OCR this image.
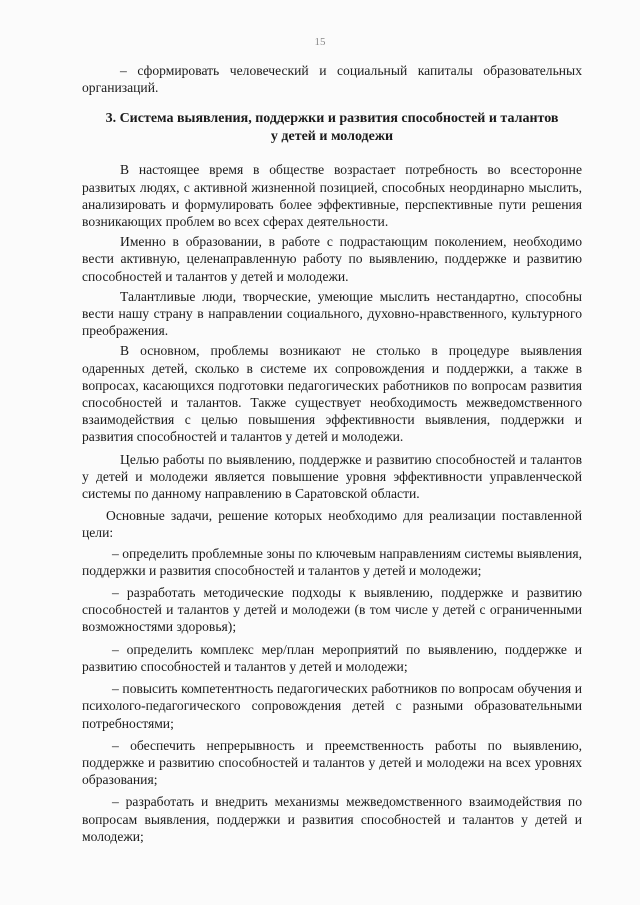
15

– сформировать человеческий и социальный капиталы образовательных организаций.

3. Система выявления, поддержки и развития способностей и талантов у детей и молодежи

В настоящее время в обществе возрастает потребность во всесторонне развитых людях, с активной жизненной позицией, способных неординарно мыслить, анализировать и формулировать более эффективные, перспективные пути решения возникающих проблем во всех сферах деятельности.

Именно в образовании, в работе с подрастающим поколением, необходимо вести активную, целенаправленную работу по выявлению, поддержке и развитию способностей и талантов у детей и молодежи.

Талантливые люди, творческие, умеющие мыслить нестандартно, способны вести нашу страну в направлении социального, духовно-нравственного, культурного преображения.

В основном, проблемы возникают не столько в процедуре выявления одаренных детей, сколько в системе их сопровождения и поддержки, а также в вопросах, касающихся подготовки педагогических работников по вопросам развития способностей и талантов. Также существует необходимость межведомственного взаимодействия с целью повышения эффективности выявления, поддержки и развития способностей и талантов у детей и молодежи.

Целью работы по выявлению, поддержке и развитию способностей и талантов у детей и молодежи является повышение уровня эффективности управленческой системы по данному направлению в Саратовской области.

Основные задачи, решение которых необходимо для реализации поставленной цели:

– определить проблемные зоны по ключевым направлениям системы выявления, поддержки и развития способностей и талантов у детей и молодежи;

– разработать методические подходы к выявлению, поддержке и развитию способностей и талантов у детей и молодежи (в том числе у детей с ограниченными возможностями здоровья);

– определить комплекс мер/план мероприятий по выявлению, поддержке и развитию способностей и талантов у детей и молодежи;

– повысить компетентность педагогических работников по вопросам обучения и психолого-педагогического сопровождения детей с разными образовательными потребностями;

– обеспечить непрерывность и преемственность работы по выявлению, поддержке и развитию способностей и талантов у детей и молодежи на всех уровнях образования;

– разработать и внедрить механизмы межведомственного взаимодействия по вопросам выявления, поддержки и развития способностей и талантов у детей и молодежи;
